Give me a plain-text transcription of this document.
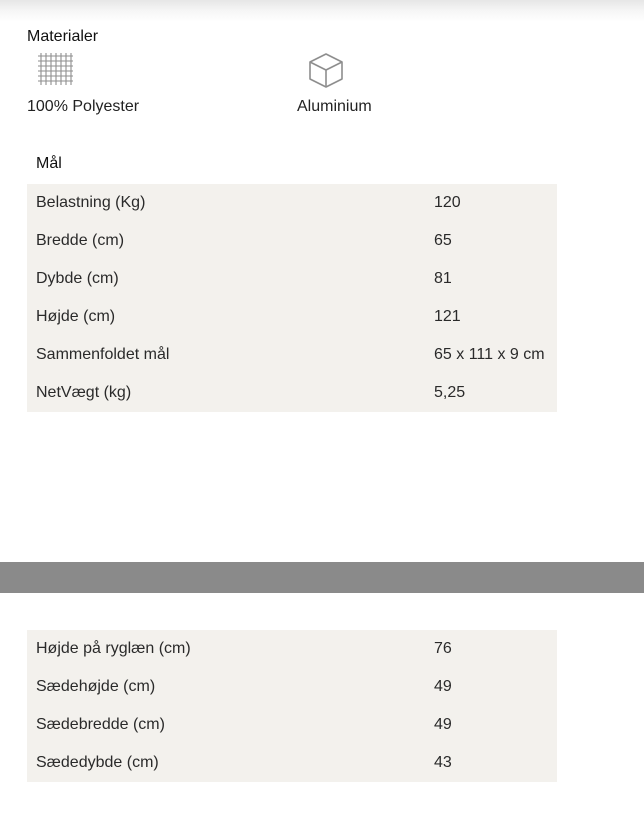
Materialer
100% Polyester	Aluminium
Mål
Belastning (Kg)	120
Bredde (cm)	65
Dybde (cm)	81
Højde (cm)	121
Sammenfoldet mål	65 x 111 x 9 cm
NetVægt (kg)	5,25
Højde på ryglæn (cm)	76
Sædehøjde (cm)	49
Sædebredde (cm)	49
Sædedybde (cm)	43
